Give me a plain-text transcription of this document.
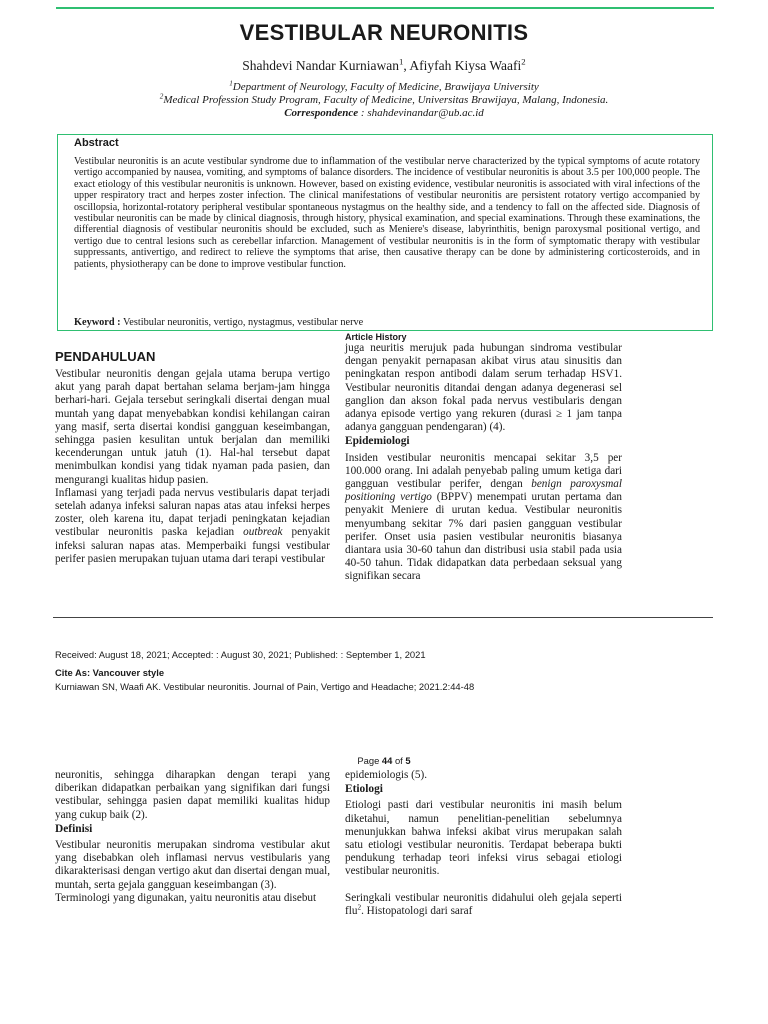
VESTIBULAR NEURONITIS
Shahdevi Nandar Kurniawan$^1$, Afiyfah Kiysa Waafi$^2$
$^1$Department of Neurology, Faculty of Medicine, Brawijaya University
$^2$Medical Profession Study Program, Faculty of Medicine, Universitas Brawijaya, Malang, Indonesia.
Correspondence : shahdevinandar@ub.ac.id
Abstract
Vestibular neuronitis is an acute vestibular syndrome due to inflammation of the vestibular nerve characterized by the typical symptoms of acute rotatory vertigo accompanied by nausea, vomiting, and symptoms of balance disorders. The incidence of vestibular neuronitis is about 3.5 per 100,000 people. The exact etiology of this vestibular neuronitis is unknown. However, based on existing evidence, vestibular neuronitis is associated with viral infections of the upper respiratory tract and herpes zoster infection. The clinical manifestations of vestibular neuronitis are persistent rotatory vertigo accompanied by oscillopsia, horizontal-rotatory peripheral vestibular spontaneous nystagmus on the healthy side, and a tendency to fall on the affected side. Diagnosis of vestibular neuronitis can be made by clinical diagnosis, through history, physical examination, and special examinations. Through these examinations, the differential diagnosis of vestibular neuronitis should be excluded, such as Meniere's disease, labyrinthitis, benign paroxysmal positional vertigo, and vertigo due to central lesions such as cerebellar infarction. Management of vestibular neuronitis is in the form of symptomatic therapy with vestibular suppressants, antivertigo, and redirect to relieve the symptoms that arise, then causative therapy can be done by administering corticosteroids, and in patients, physiotherapy can be done to improve vestibular function.
Keyword : Vestibular neuronitis, vertigo, nystagmus, vestibular nerve
Article History
PENDAHULUAN

Vestibular neuronitis dengan gejala utama berupa vertigo akut yang parah dapat bertahan selama berjam-jam hingga berhari-hari. Gejala tersebut seringkali disertai dengan mual muntah yang dapat menyebabkan kondisi kehilangan cairan yang masif, serta disertai kondisi gangguan keseimbangan, sehingga pasien kesulitan untuk berjalan dan memiliki kecenderungan untuk jatuh (1). Hal-hal tersebut dapat menimbulkan kondisi yang tidak nyaman pada pasien, dan mengurangi kualitas hidup pasien.

Inflamasi yang terjadi pada nervus vestibularis dapat terjadi setelah adanya infeksi saluran napas atas atau infeksi herpes zoster, oleh karena itu, dapat terjadi peningkatan kejadian vestibular neuronitis paska kejadian outbreak penyakit infeksi saluran napas atas. Memperbaiki fungsi vestibular perifer pasien merupakan tujuan utama dari terapi vestibular

juga neuritis merujuk pada hubungan sindroma vestibular dengan penyakit pernapasan akibat virus atau sinusitis dan peningkatan respon antibodi dalam serum terhadap HSV1. Vestibular neuronitis ditandai dengan adanya degenerasi sel ganglion dan akson fokal pada nervus vestibularis dengan adanya episode vertigo yang rekuren (durasi ≥ 1 jam tanpa adanya gangguan pendengaran) (4).

Epidemiologi

Insiden vestibular neuronitis mencapai sekitar 3,5 per 100.000 orang. Ini adalah penyebab paling umum ketiga dari gangguan vestibular perifer, dengan benign paroxysmal positioning vertigo (BPPV) menempati urutan pertama dan penyakit Meniere di urutan kedua. Vestibular neuronitis menyumbang sekitar 7% dari pasien gangguan vestibular perifer. Onset usia pasien vestibular neuronitis biasanya diantara usia 30-60 tahun dan distribusi usia stabil pada usia 40-50 tahun. Tidak didapatkan data perbedaan seksual yang signifikan secara

Received: August 18, 2021; Accepted: : August 30, 2021; Published: : September 1, 2021
Cite As: Vancouver style
Kurniawan SN, Waafi AK. Vestibular neuronitis. Journal of Pain, Vertigo and Headache; 2021.2:44-48
Page 44 of 5

neuronitis, sehingga diharapkan dengan terapi yang diberikan didapatkan perbaikan yang signifikan dari fungsi vestibular, sehingga pasien dapat memiliki kualitas hidup yang cukup baik (2).

Definisi

Vestibular neuronitis merupakan sindroma vestibular akut yang disebabkan oleh inflamasi nervus vestibularis yang dikarakterisasi dengan vertigo akut dan disertai dengan mual, muntah, serta gejala gangguan keseimbangan (3).

Terminologi yang digunakan, yaitu neuronitis atau disebut

epidemiologis (5).

Etiologi

Etiologi pasti dari vestibular neuronitis ini masih belum diketahui, namun penelitian-penelitian sebelumnya menunjukkan bahwa infeksi akibat virus merupakan salah satu etiologi vestibular neuronitis. Terdapat beberapa bukti pendukung terhadap teori infeksi virus sebagai etiologi vestibular neuronitis.

Seringkali vestibular neuronitis didahului oleh gejala seperti flu$^2$. Histopatologi dari saraf
